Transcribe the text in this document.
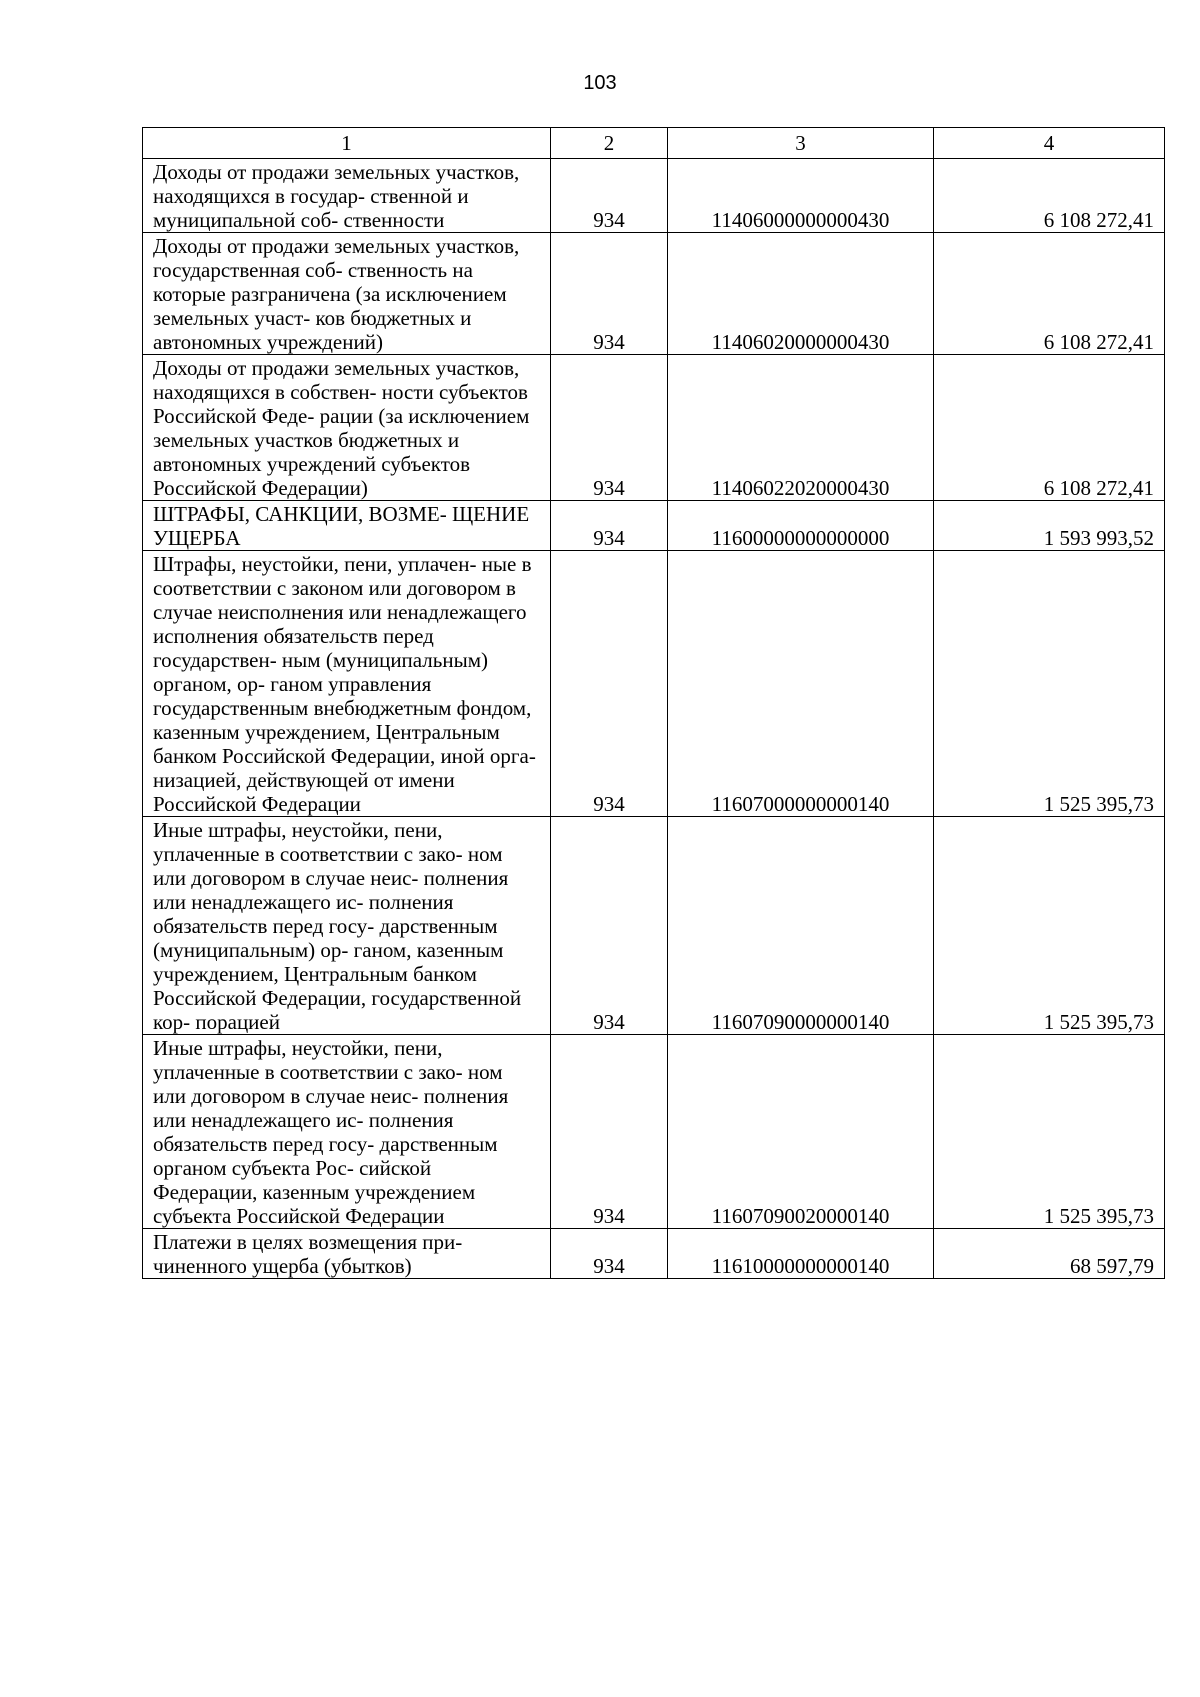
103
1	2	3	4
Доходы от продажи земельных участков, находящихся в государ- ственной и муниципальной соб- ственности	934	11406000000000430	6 108 272,41
Доходы от продажи земельных участков, государственная соб- ственность на которые разграничена (за исключением земельных участ- ков бюджетных и автономных учреждений)	934	11406020000000430	6 108 272,41
Доходы от продажи земельных участков, находящихся в собствен- ности субъектов Российской Феде- рации (за исключением земельных участков бюджетных и автономных учреждений субъектов Российской Федерации)	934	11406022020000430	6 108 272,41
ШТРАФЫ, САНКЦИИ, ВОЗМЕ- ЩЕНИЕ УЩЕРБА	934	11600000000000000	1 593 993,52
Штрафы, неустойки, пени, уплачен- ные в соответствии с законом или договором в случае неисполнения или ненадлежащего исполнения обязательств перед государствен- ным (муниципальным) органом, ор- ганом управления государственным внебюджетным фондом, казенным учреждением, Центральным банком Российской Федерации, иной орга- низацией, действующей от имени Российской Федерации	934	11607000000000140	1 525 395,73
Иные штрафы, неустойки, пени, уплаченные в соответствии с зако- ном или договором в случае неис- полнения или ненадлежащего ис- полнения обязательств перед госу- дарственным (муниципальным) ор- ганом, казенным учреждением, Центральным банком Российской Федерации, государственной кор- порацией	934	11607090000000140	1 525 395,73
Иные штрафы, неустойки, пени, уплаченные в соответствии с зако- ном или договором в случае неис- полнения или ненадлежащего ис- полнения обязательств перед госу- дарственным органом субъекта Рос- сийской Федерации, казенным учреждением субъекта Российской Федерации	934	11607090020000140	1 525 395,73
Платежи в целях возмещения при- чиненного ущерба (убытков)	934	11610000000000140	68 597,79
